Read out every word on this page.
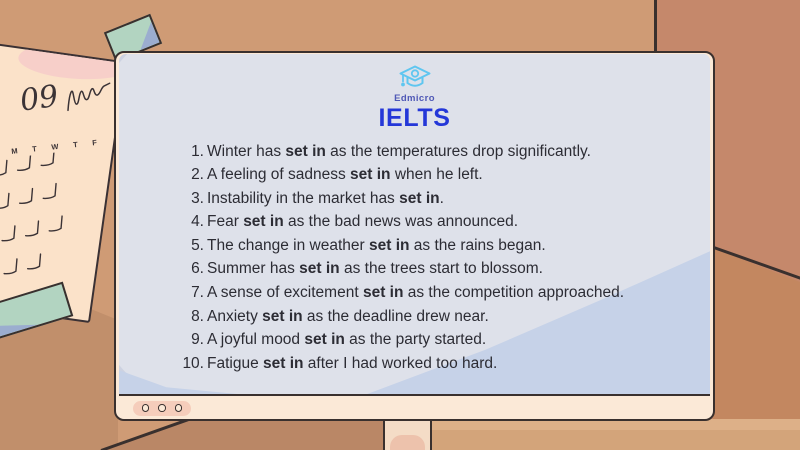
09
M T W T F
Edmicro
IELTS
1. Winter has set in as the temperatures drop significantly.
2. A feeling of sadness set in when he left.
3. Instability in the market has set in.
4. Fear set in as the bad news was announced.
5. The change in weather set in as the rains began.
6. Summer has set in as the trees start to blossom.
7. A sense of excitement set in as the competition approached.
8. Anxiety set in as the deadline drew near.
9. A joyful mood set in as the party started.
10. Fatigue set in after I had worked too hard.
